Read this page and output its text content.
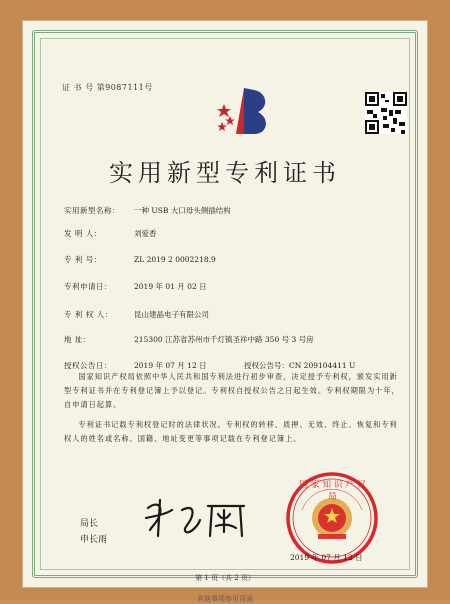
证 书 号 第9087111号
实用新型专利证书
实用新型名称： 一种 USB 大口母头侧插结构
发 明 人：	刘爱香
专 利 号：	ZL 2019 2 0002218.9
专利申请日：	2019 年 01 月 02 日
专 利 权 人：	昆山建晶电子有限公司
地 址：	215300 江苏省苏州市千灯镇圣祥中路 350 号 3 号房
授权公告日：	2019 年 07 月 12 日	授权公告号：CN 209104411 U
国家知识产权局依照中华人民共和国专利法进行初步审查，决定授予专利权，颁发实用新型专利证书并在专利登记簿上予以登记。专利权自授权公告之日起生效。专利权期限为十年，自申请日起算。
专利证书记载专利权登记时的法律状况。专利权的转移、质押、无效、终止、恢复和专利权人的姓名或名称、国籍、地址变更等事项记载在专利登记簿上。
局长
申长雨
国家知识产权局
2019 年 07 月 12 日
第 1 页（共 2 页）
其他事项参见背面
